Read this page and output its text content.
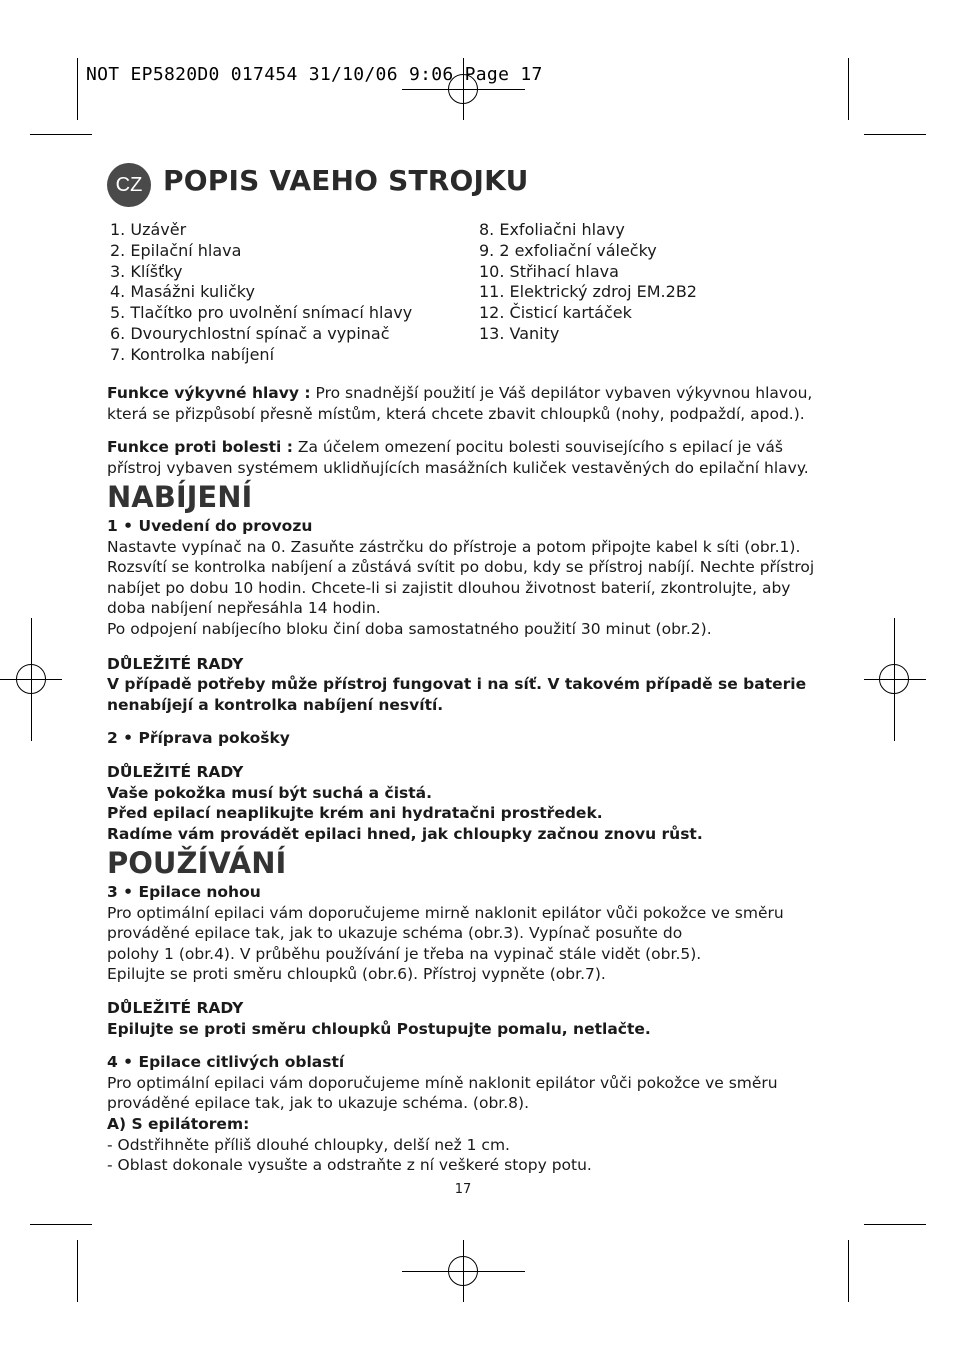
NOT EP5820D0 017454 31/10/06 9:06 Page 17
CZ POPIS VAEHO STROJKU
1. Uzávěr
2. Epilační hlava
3. Klíšťky
4. Masážni kuličky
5. Tlačítko pro uvolnění snímací hlavy
6. Dvourychlostní spínač a vypinač
7. Kontrolka nabíjení
8. Exfoliačni hlavy
9. 2 exfoliační válečky
10. Střihací hlava
11. Elektrický zdroj EM.2B2
12. Čisticí kartáček
13. Vanity

Funkce výkyvné hlavy : Pro snadnější použití je Váš depilátor vybaven výkyvnou hlavou, která se přizpůsobí přesně místům, která chcete zbavit chloupků (nohy, podpaždí, apod.).

Funkce proti bolesti : Za účelem omezení pocitu bolesti souvisejícího s epilací je váš přístroj vybaven systémem uklidňujících masážních kuliček vestavěných do epilační hlavy.

NABÍJENÍ

1 • Uvedení do provozu

Nastavte vypínač na 0. Zasuňte zástrčku do přístroje a potom připojte kabel k síti (obr.1). Rozsvítí se kontrolka nabíjení a zůstává svítit po dobu, kdy se přístroj nabíjí. Nechte přístroj nabíjet po dobu 10 hodin. Chcete-li si zajistit dlouhou životnost baterií, zkontrolujte, aby doba nabíjení nepřesáhla 14 hodin.

Po odpojení nabíjecího bloku činí doba samostatného použití 30 minut (obr.2).

DŮLEŽITÉ RADY

V případě potřeby může přístroj fungovat i na síť. V takovém případě se baterie nenabíjejí a kontrolka nabíjení nesvítí.

2 • Příprava pokošky

DŮLEŽITÉ RADY

Vaše pokožka musí být suchá a čistá.

Před epilací neaplikujte krém ani hydratačni prostředek.

Radíme vám provádět epilaci hned, jak chloupky začnou znovu růst.

POUŽÍVÁNÍ

3 • Epilace nohou

Pro optimální epilaci vám doporučujeme mirně naklonit epilátor vůči pokožce ve směru

prováděné epilace tak, jak to ukazuje schéma (obr.3). Vypínač posuňte do

polohy 1 (obr.4). V průběhu používání je třeba na vypinač stále vidět (obr.5).

Epilujte se proti směru chloupků (obr.6). Přístroj vypněte (obr.7).

DŮLEŽITÉ RADY

Epilujte se proti směru chloupků Postupujte pomalu, netlačte.

4 • Epilace citlivých oblastí

Pro optimální epilaci vám doporučujeme míně naklonit epilátor vůči pokožce ve směru prováděné epilace tak, jak to ukazuje schéma. (obr.8).

A) S epilátorem:

- Odstřihněte příliš dlouhé chloupky, delší než 1 cm.

- Oblast dokonale vysušte a odstraňte z ní veškeré stopy potu.

17
